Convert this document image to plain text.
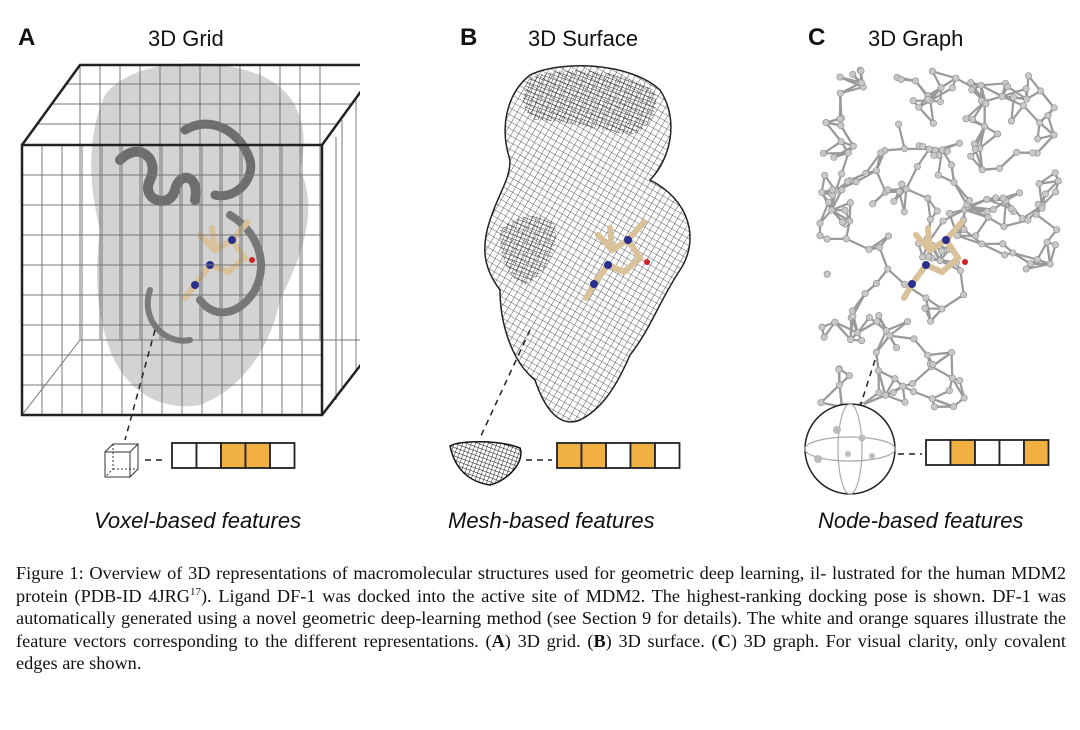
A	3D Grid
Voxel-based features
B 3D Surface
Mesh-based features
C 3D Graph
Node-based features
Figure 1: Overview of 3D representations of macromolecular structures used for geometric deep learning, il- lustrated for the human MDM2 protein (PDB-ID 4JRG$^{17}$). Ligand DF-1 was docked into the active site of MDM2. The highest-ranking docking pose is shown. DF-1 was automatically generated using a novel geometric deep-learning method (see Section 9 for details). The white and orange squares illustrate the feature vectors corresponding to the different representations. (A) 3D grid. (B) 3D surface. (C) 3D graph. For visual clarity, only covalent edges are shown.
